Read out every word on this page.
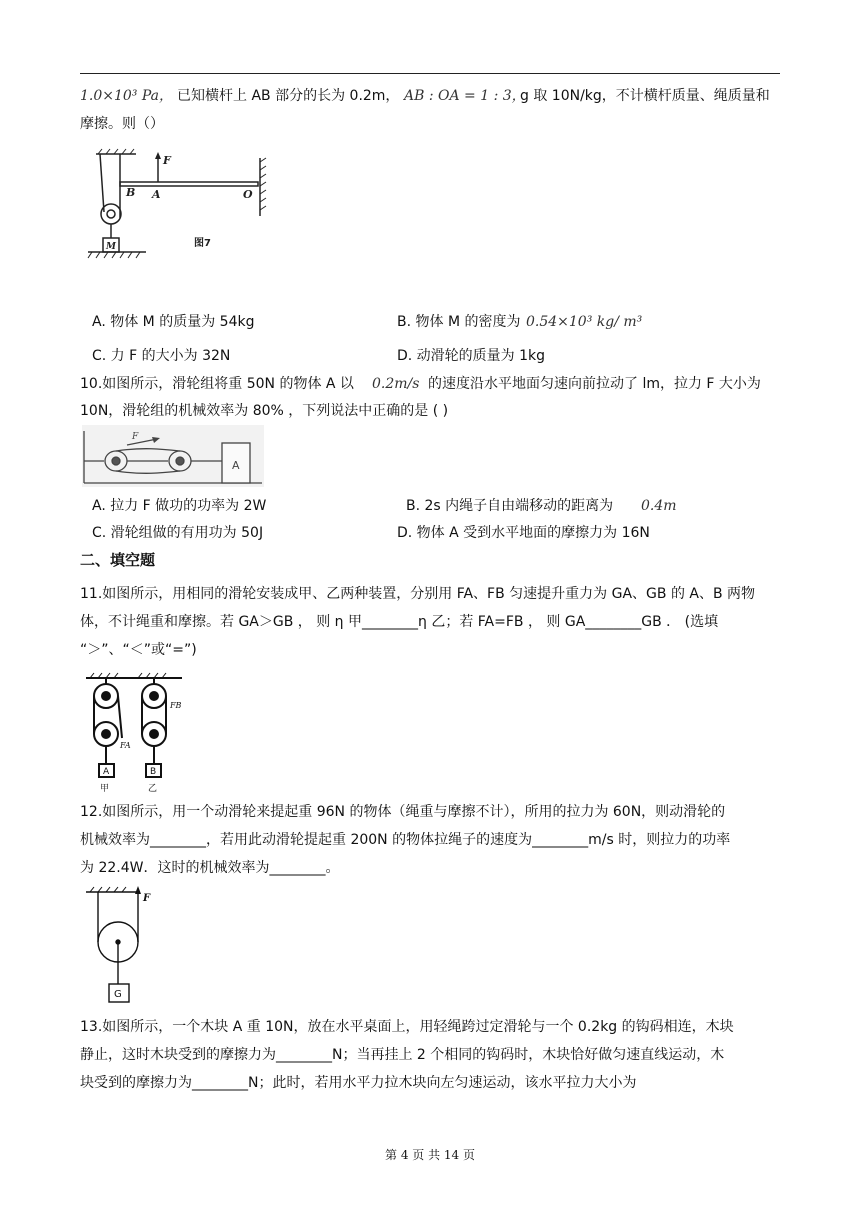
1.0×10³ Pa， 已知横杆上 AB 部分的长为 0.2m， AB : OA = 1 : 3，
g 取 10N/kg，不计横杆质量、绳质量和
摩擦。则（）
F
B A	O
M	图7
A. 物体 M 的质量为 54kg	B. 物体 M 的密度为 0.54×10³ kg/ m³
C. 力 F 的大小为 32N	D. 动滑轮的质量为 1kg
10.如图所示，滑轮组将重 50N 的物体 A 以 0.2m/s 的速度沿水平地面匀速向前拉动了 lm，拉力 F 大小为
10N，滑轮组的机械效率为 80% ，下列说法中正确的是 ( )
F
A
A. 拉力 F 做功的功率为 2W	B. 2s 内绳子自由端移动的距离为 0.4m
C. 滑轮组做的有用功为 50J	D. 物体 A 受到水平地面的摩擦力为 16N
二、填空题
11.如图所示，用相同的滑轮安装成甲、乙两种装置，分别用 FA、FB 匀速提升重力为 GA、GB 的 A、B 两物
体，不计绳重和摩擦。若 GA＞GB ， 则 η 甲________η 乙；若 FA=FB ， 则 GA________GB ． (选填
“＞”、“＜”或“=”)
FA
FB
A	B
甲	乙
12.如图所示，用一个动滑轮来提起重 96N 的物体（绳重与摩擦不计），所用的拉力为 60N，则动滑轮的
机械效率为________，若用此动滑轮提起重 200N 的物体拉绳子的速度为________m/s 时，则拉力的功率
为 22.4W．这时的机械效率为________。
F
G
13.如图所示，一个木块 A 重 10N，放在水平桌面上，用轻绳跨过定滑轮与一个 0.2kg 的钩码相连，木块
静止，这时木块受到的摩擦力为________N；当再挂上 2 个相同的钩码时，木块恰好做匀速直线运动，木
块受到的摩擦力为________N；此时，若用水平力拉木块向左匀速运动，该水平拉力大小为
第 4 页 共 14 页
